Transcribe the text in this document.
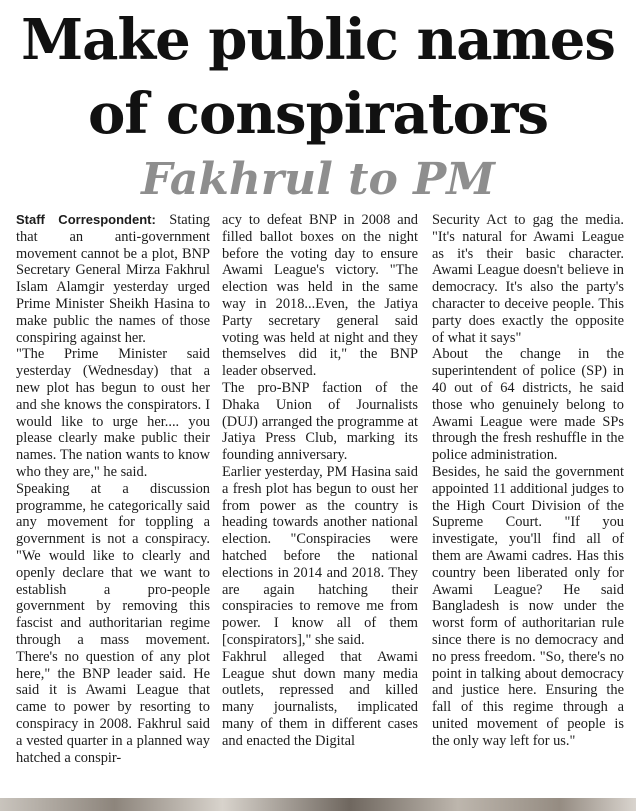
Make public names
of conspirators
Fakhrul to PM

Staff Correspondent: Stating that an anti-government movement cannot be a plot, BNP Secretary General Mirza Fakhrul Islam Alamgir yesterday urged Prime Minister Sheikh Hasina to make public the names of those conspiring against her.

"The Prime Minister said yesterday (Wednesday) that a new plot has begun to oust her and she knows the conspirators. I would like to urge her.... you please clearly make public their names. The nation wants to know who they are," he said.

Speaking at a discussion programme, he categorically said any movement for toppling a government is not a conspiracy. "We would like to clearly and openly declare that we want to establish a pro-people government by removing this fascist and authoritarian regime through a mass movement. There's no question of any plot here," the BNP leader said. He said it is Awami League that came to power by resorting to conspiracy in 2008. Fakhrul said a vested quarter in a planned way hatched a conspir-

acy to defeat BNP in 2008 and filled ballot boxes on the night before the voting day to ensure Awami League's victory. "The election was held in the same way in 2018...Even, the Jatiya Party secretary general said voting was held at night and they themselves did it," the BNP leader observed.

The pro-BNP faction of the Dhaka Union of Journalists (DUJ) arranged the programme at Jatiya Press Club, marking its founding anniversary.

Earlier yesterday, PM Hasina said a fresh plot has begun to oust her from power as the country is heading towards another national election. "Conspiracies were hatched before the national elections in 2014 and 2018. They are again hatching their conspiracies to remove me from power. I know all of them [conspirators]," she said.

Fakhrul alleged that Awami League shut down many media outlets, repressed and killed many journalists, implicated many of them in different cases and enacted the Digital

Security Act to gag the media. "It's natural for Awami League as it's their basic character. Awami League doesn't believe in democracy. It's also the party's character to deceive people. This party does exactly the opposite of what it says"

About the change in the superintendent of police (SP) in 40 out of 64 districts, he said those who genuinely belong to Awami League were made SPs through the fresh reshuffle in the police administration.

Besides, he said the government appointed 11 additional judges to the High Court Division of the Supreme Court. "If you investigate, you'll find all of them are Awami cadres. Has this country been liberated only for Awami League? He said Bangladesh is now under the worst form of authoritarian rule since there is no democracy and no press freedom. "So, there's no point in talking about democracy and justice here. Ensuring the fall of this regime through a united movement of people is the only way left for us."
